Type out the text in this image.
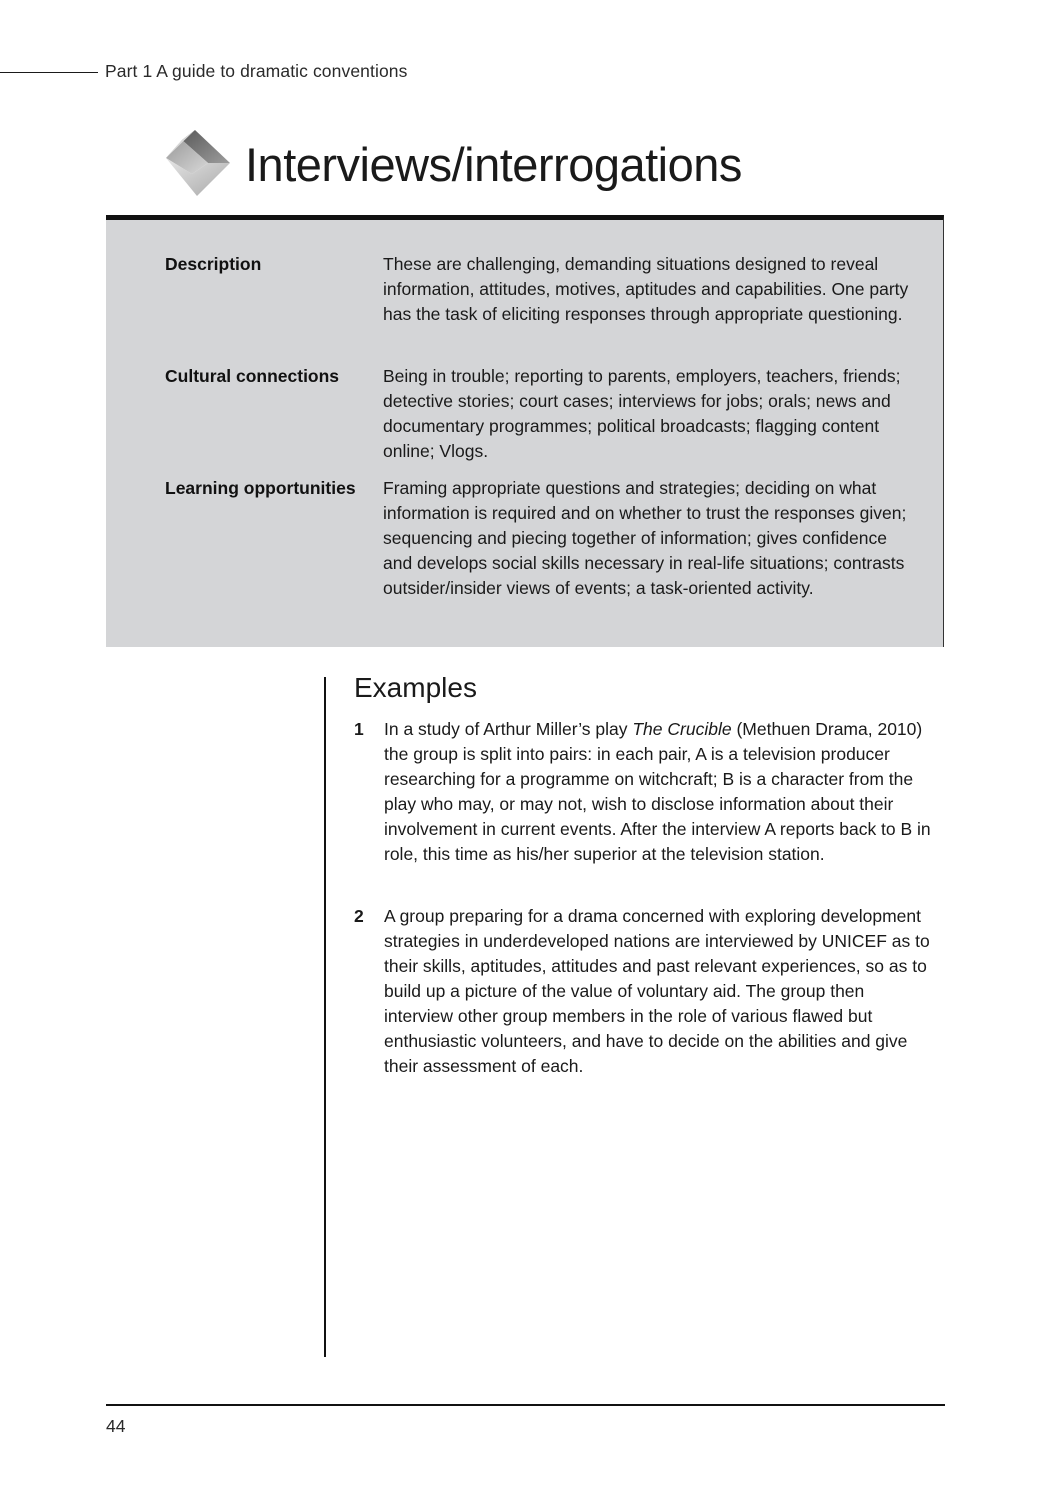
Part 1 A guide to dramatic conventions
Interviews/interrogations
Description	These are challenging, demanding situations designed to reveal information, attitudes, motives, aptitudes and capabilities. One party has the task of eliciting responses through appropriate questioning.
Cultural connections	Being in trouble; reporting to parents, employers, teachers, friends; detective stories; court cases; interviews for jobs; orals; news and documentary programmes; political broadcasts; flagging content online; Vlogs.
Learning opportunities Framing appropriate questions and strategies; deciding on what information is required and on whether to trust the responses given; sequencing and piecing together of information; gives confidence and develops social skills necessary in real-life situations; contrasts outsider/insider views of events; a task-oriented activity.
Examples
1 In a study of Arthur Miller’s play The Crucible (Methuen Drama, 2010) the group is split into pairs: in each pair, A is a television producer researching for a programme on witchcraft; B is a character from the play who may, or may not, wish to disclose information about their involvement in current events. After the interview A reports back to B in role, this time as his/her superior at the television station.
2 A group preparing for a drama concerned with exploring development strategies in underdeveloped nations are interviewed by UNICEF as to their skills, aptitudes, attitudes and past relevant experiences, so as to build up a picture of the value of voluntary aid. The group then interview other group members in the role of various flawed but enthusiastic volunteers, and have to decide on the abilities and give their assessment of each.
44
